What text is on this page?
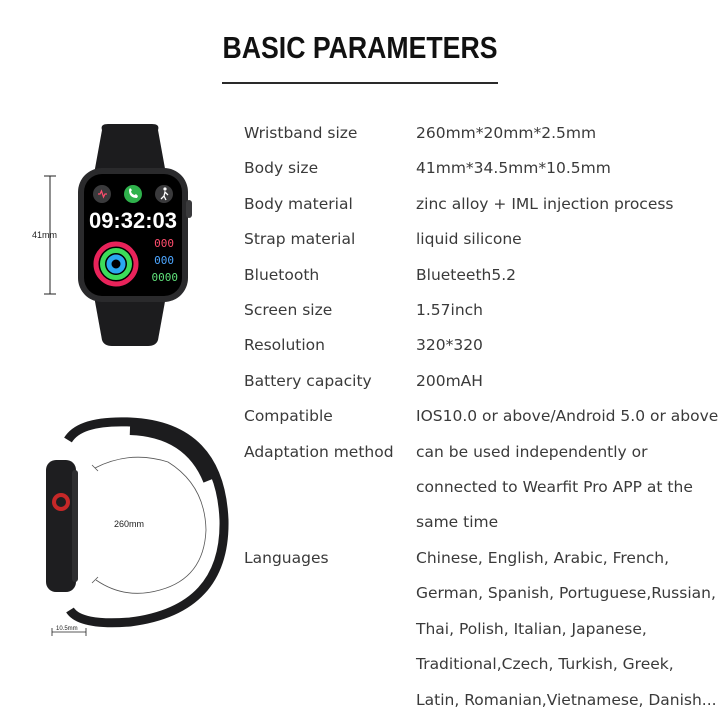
BASIC PARAMETERS
Wristband size	260mm*20mm*2.5mm
Body size	41mm*34.5mm*10.5mm
Body material	zinc alloy + IML injection process
Strap material	liquid silicone
Bluetooth	Blueteeth5.2
Screen size	1.57inch
Resolution	320*320
Battery capacity	200mAH
Compatible	IOS10.0 or above/Android 5.0 or above
Adaptation method	can be used independently or
connected to Wearfit Pro APP at the
same time
Languages	Chinese, English, Arabic, French,
German, Spanish, Portuguese,Russian,
Thai, Polish, Italian, Japanese,
Traditional,Czech, Turkish, Greek,
Latin, Romanian,Vietnamese, Danish...
41mm
09:32:03
000
000
0000
260mm
10.5mm
